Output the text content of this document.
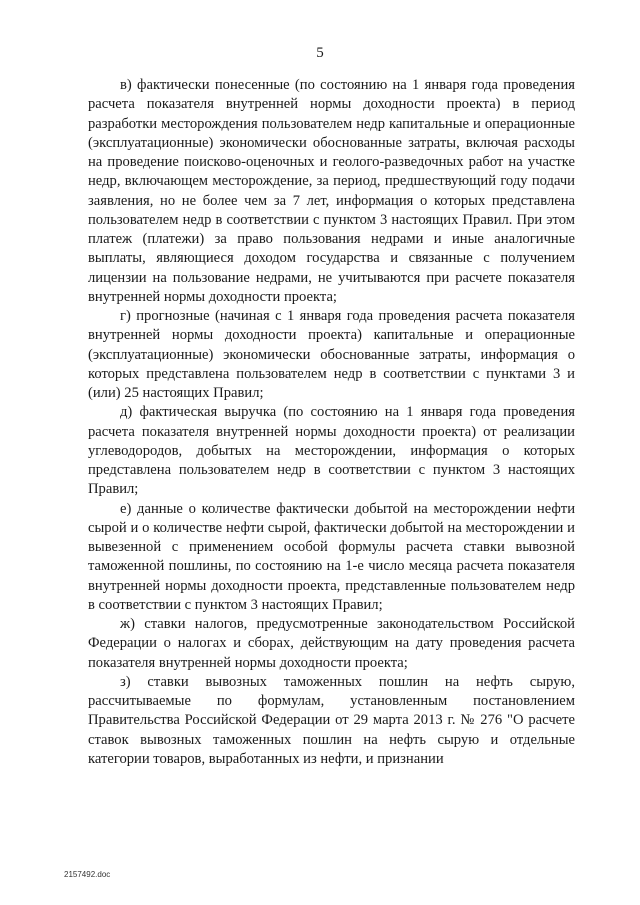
5

в) фактически понесенные (по состоянию на 1 января года проведения расчета показателя внутренней нормы доходности проекта) в период разработки месторождения пользователем недр капитальные и операционные (эксплуатационные) экономически обоснованные затраты, включая расходы на проведение поисково-оценочных и геолого-разведочных работ на участке недр, включающем месторождение, за период, предшествующий году подачи заявления, но не более чем за 7 лет, информация о которых представлена пользователем недр в соответствии с пунктом 3 настоящих Правил. При этом платеж (платежи) за право пользования недрами и иные аналогичные выплаты, являющиеся доходом государства и связанные с получением лицензии на пользование недрами, не учитываются при расчете показателя внутренней нормы доходности проекта;

г) прогнозные (начиная с 1 января года проведения расчета показателя внутренней нормы доходности проекта) капитальные и операционные (эксплуатационные) экономически обоснованные затраты, информация о которых представлена пользователем недр в соответствии с пунктами 3 и (или) 25 настоящих Правил;

д) фактическая выручка (по состоянию на 1 января года проведения расчета показателя внутренней нормы доходности проекта) от реализации углеводородов, добытых на месторождении, информация о которых представлена пользователем недр в соответствии с пунктом 3 настоящих Правил;

е) данные о количестве фактически добытой на месторождении нефти сырой и о количестве нефти сырой, фактически добытой на месторождении и вывезенной с применением особой формулы расчета ставки вывозной таможенной пошлины, по состоянию на 1-е число месяца расчета показателя внутренней нормы доходности проекта, представленные пользователем недр в соответствии с пунктом 3 настоящих Правил;

ж) ставки налогов, предусмотренные законодательством Российской Федерации о налогах и сборах, действующим на дату проведения расчета показателя внутренней нормы доходности проекта;

з) ставки вывозных таможенных пошлин на нефть сырую, рассчитываемые по формулам, установленным постановлением Правительства Российской Федерации от 29 марта 2013 г. № 276 "О расчете ставок вывозных таможенных пошлин на нефть сырую и отдельные категории товаров, выработанных из нефти, и признании

2157492.doc
